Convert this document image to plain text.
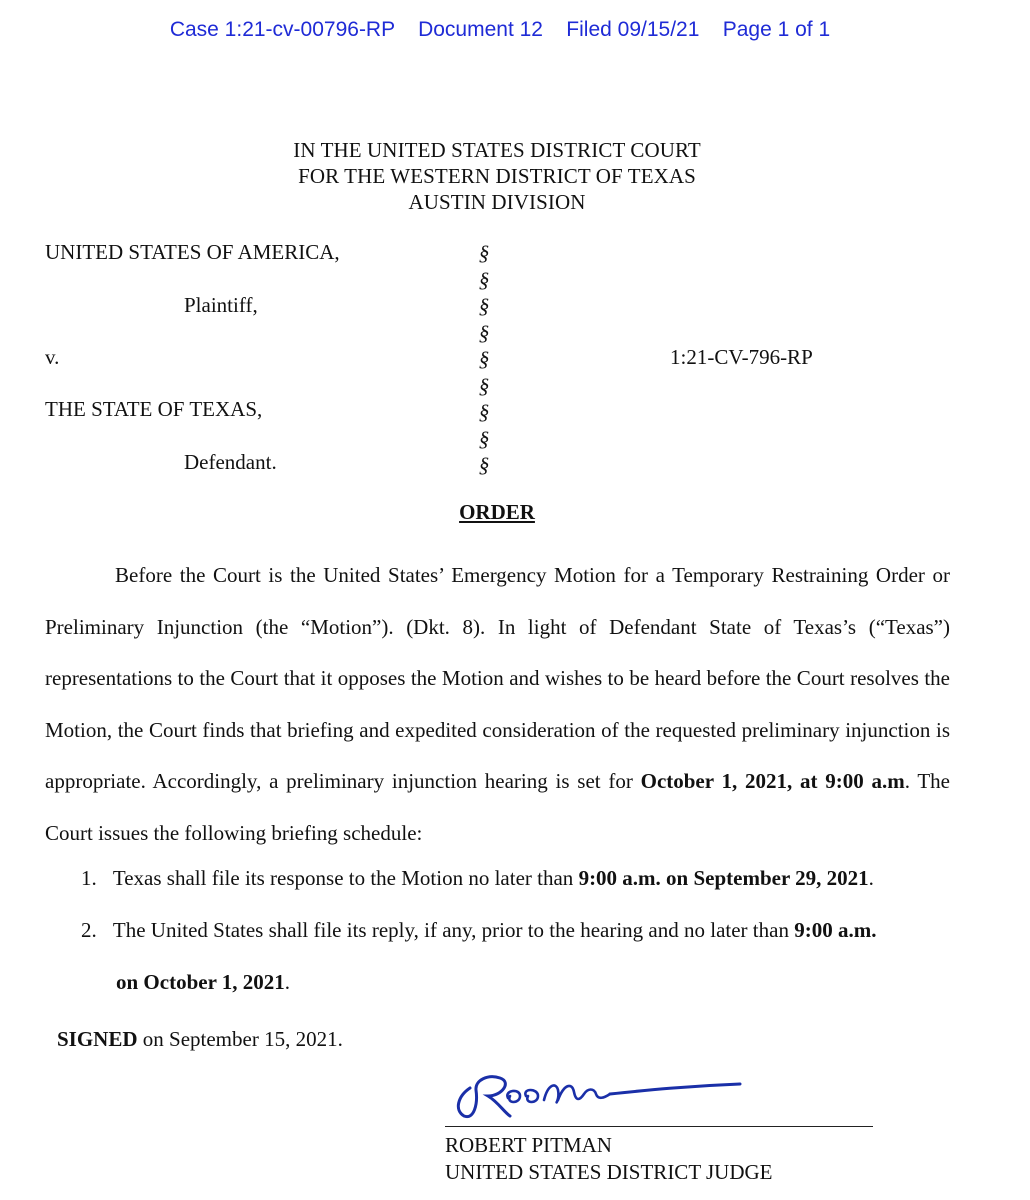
Case 1:21-cv-00796-RP    Document 12    Filed 09/15/21    Page 1 of 1
IN THE UNITED STATES DISTRICT COURT
FOR THE WESTERN DISTRICT OF TEXAS
AUSTIN DIVISION
UNITED STATES OF AMERICA,
Plaintiff,
v.
THE STATE OF TEXAS,
Defendant.
1:21-CV-796-RP
§
§
§
§
§
§
§
§
§
ORDER

Before the Court is the United States’ Emergency Motion for a Temporary Restraining Order or Preliminary Injunction (the “Motion”). (Dkt. 8). In light of Defendant State of Texas’s (“Texas”) representations to the Court that it opposes the Motion and wishes to be heard before the Court resolves the Motion, the Court finds that briefing and expedited consideration of the requested preliminary injunction is appropriate. Accordingly, a preliminary injunction hearing is set for October 1, 2021, at 9:00 a.m. The Court issues the following briefing schedule:

1. Texas shall file its response to the Motion no later than 9:00 a.m. on September 29, 2021.
2. The United States shall file its reply, if any, prior to the hearing and no later than 9:00 a.m.
on October 1, 2021.
SIGNED on September 15, 2021.
ROBERT PITMAN
UNITED STATES DISTRICT JUDGE
